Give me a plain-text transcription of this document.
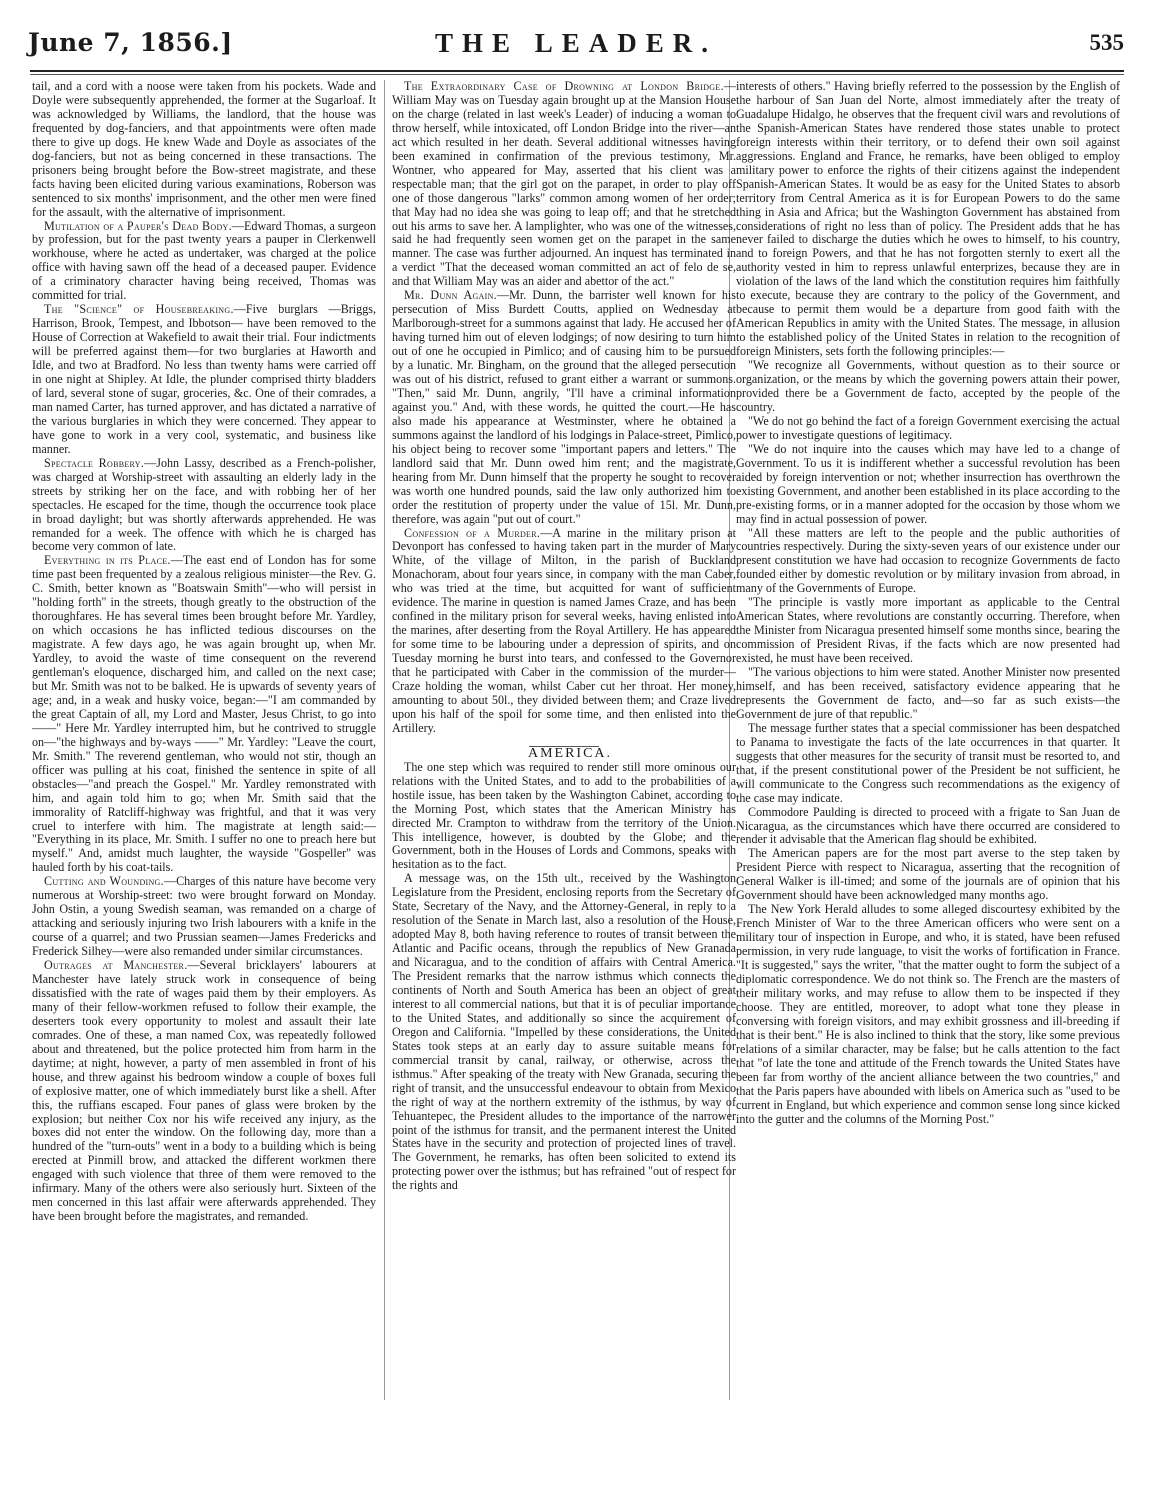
June 7, 1856.]	THE LEADER.	535

tail, and a cord with a noose were taken from his pockets. Wade and Doyle were subsequently apprehended, the former at the Sugarloaf. It was acknowledged by Williams, the landlord, that the house was frequented by dog-fanciers, and that appointments were often made there to give up dogs. He knew Wade and Doyle as associates of the dog-fanciers, but not as being concerned in these transactions. The prisoners being brought before the Bow-street magistrate, and these facts having been elicited during various examinations, Roberson was sentenced to six months' imprisonment, and the other men were fined for the assault, with the alternative of imprisonment.

Mutilation of a Pauper's Dead Body.—Edward Thomas, a surgeon by profession, but for the past twenty years a pauper in Clerkenwell workhouse, where he acted as undertaker, was charged at the police office with having sawn off the head of a deceased pauper. Evidence of a criminatory character having being received, Thomas was committed for trial.

The "Science" of Housebreaking.—Five burglars —Briggs, Harrison, Brook, Tempest, and Ibbotson— have been removed to the House of Correction at Wakefield to await their trial. Four indictments will be preferred against them—for two burglaries at Haworth and Idle, and two at Bradford. No less than twenty hams were carried off in one night at Shipley. At Idle, the plunder comprised thirty bladders of lard, several stone of sugar, groceries, &c. One of their comrades, a man named Carter, has turned approver, and has dictated a narrative of the various burglaries in which they were concerned. They appear to have gone to work in a very cool, systematic, and business like manner.

Spectacle Robbery.—John Lassy, described as a French-polisher, was charged at Worship-street with assaulting an elderly lady in the streets by striking her on the face, and with robbing her of her spectacles. He escaped for the time, though the occurrence took place in broad daylight; but was shortly afterwards apprehended. He was remanded for a week. The offence with which he is charged has become very common of late.

Everything in its Place.—The east end of London has for some time past been frequented by a zealous religious minister—the Rev. G. C. Smith, better known as "Boatswain Smith"—who will persist in "holding forth" in the streets, though greatly to the obstruction of the thoroughfares. He has several times been brought before Mr. Yardley, on which occasions he has inflicted tedious discourses on the magistrate. A few days ago, he was again brought up, when Mr. Yardley, to avoid the waste of time consequent on the reverend gentleman's eloquence, discharged him, and called on the next case; but Mr. Smith was not to be balked. He is upwards of seventy years of age; and, in a weak and husky voice, began:—"I am commanded by the great Captain of all, my Lord and Master, Jesus Christ, to go into ——" Here Mr. Yardley interrupted him, but he contrived to struggle on—"the highways and by-ways ——" Mr. Yardley: "Leave the court, Mr. Smith." The reverend gentleman, who would not stir, though an officer was pulling at his coat, finished the sentence in spite of all obstacles—"and preach the Gospel." Mr. Yardley remonstrated with him, and again told him to go; when Mr. Smith said that the immorality of Ratcliff-highway was frightful, and that it was very cruel to interfere with him. The magistrate at length said:— "Everything in its place, Mr. Smith. I suffer no one to preach here but myself." And, amidst much laughter, the wayside "Gospeller" was hauled forth by his coat-tails.

Cutting and Wounding.—Charges of this nature have become very numerous at Worship-street: two were brought forward on Monday. John Ostin, a young Swedish seaman, was remanded on a charge of attacking and seriously injuring two Irish labourers with a knife in the course of a quarrel; and two Prussian seamen—James Fredericks and Frederick Silhey—were also remanded under similar circumstances.

Outrages at Manchester.—Several bricklayers' labourers at Manchester have lately struck work in consequence of being dissatisfied with the rate of wages paid them by their employers. As many of their fellow-workmen refused to follow their example, the deserters took every opportunity to molest and assault their late comrades. One of these, a man named Cox, was repeatedly followed about and threatened, but the police protected him from harm in the daytime; at night, however, a party of men assembled in front of his house, and threw against his bedroom window a couple of boxes full of explosive matter, one of which immediately burst like a shell. After this, the ruffians escaped. Four panes of glass were broken by the explosion; but neither Cox nor his wife received any injury, as the boxes did not enter the window. On the following day, more than a hundred of the "turn-outs" went in a body to a building which is being erected at Pinmill brow, and attacked the different workmen there engaged with such violence that three of them were removed to the infirmary. Many of the others were also seriously hurt. Sixteen of the men concerned in this last affair were afterwards apprehended. They have been brought before the magistrates, and remanded.

The Extraordinary Case of Drowning at London Bridge.—William May was on Tuesday again brought up at the Mansion House on the charge (related in last week's Leader) of inducing a woman to throw herself, while intoxicated, off London Bridge into the river—an act which resulted in her death. Several additional witnesses having been examined in confirmation of the previous testimony, Mr. Wontner, who appeared for May, asserted that his client was a respectable man; that the girl got on the parapet, in order to play off one of those dangerous "larks" common among women of her order; that May had no idea she was going to leap off; and that he stretched out his arms to save her. A lamplighter, who was one of the witnesses, said he had frequently seen women get on the parapet in the same manner. The case was further adjourned. An inquest has terminated in a verdict "That the deceased woman committed an act of felo de se, and that William May was an aider and abettor of the act."

Mr. Dunn Again.—Mr. Dunn, the barrister well known for his persecution of Miss Burdett Coutts, applied on Wednesday at Marlborough-street for a summons against that lady. He accused her of having turned him out of eleven lodgings; of now desiring to turn him out of one he occupied in Pimlico; and of causing him to be pursued by a lunatic. Mr. Bingham, on the ground that the alleged persecution was out of his district, refused to grant either a warrant or summons. "Then," said Mr. Dunn, angrily, "I'll have a criminal information against you." And, with these words, he quitted the court.—He has also made his appearance at Westminster, where he obtained a summons against the landlord of his lodgings in Palace-street, Pimlico, his object being to recover some "important papers and letters." The landlord said that Mr. Dunn owed him rent; and the magistrate, hearing from Mr. Dunn himself that the property he sought to recover was worth one hundred pounds, said the law only authorized him to order the restitution of property under the value of 15l. Mr. Dunn, therefore, was again "put out of court."

Confession of a Murder.—A marine in the military prison at Devonport has confessed to having taken part in the murder of Mary White, of the village of Milton, in the parish of Buckland Monachoram, about four years since, in company with the man Caber, who was tried at the time, but acquitted for want of sufficient evidence. The marine in question is named James Craze, and has been confined in the military prison for several weeks, having enlisted into the marines, after deserting from the Royal Artillery. He has appeared for some time to be labouring under a depression of spirits, and on Tuesday morning he burst into tears, and confessed to the Governor that he participated with Caber in the commission of the murder—Craze holding the woman, whilst Caber cut her throat. Her money, amounting to about 50l., they divided between them; and Craze lived upon his half of the spoil for some time, and then enlisted into the Artillery.

AMERICA.

The one step which was required to render still more ominous our relations with the United States, and to add to the probabilities of a hostile issue, has been taken by the Washington Cabinet, according to the Morning Post, which states that the American Ministry has directed Mr. Crampton to withdraw from the territory of the Union. This intelligence, however, is doubted by the Globe; and the Government, both in the Houses of Lords and Commons, speaks with hesitation as to the fact.

A message was, on the 15th ult., received by the Washington Legislature from the President, enclosing reports from the Secretary of State, Secretary of the Navy, and the Attorney-General, in reply to a resolution of the Senate in March last, also a resolution of the House, adopted May 8, both having reference to routes of transit between the Atlantic and Pacific oceans, through the republics of New Granada and Nicaragua, and to the condition of affairs with Central America. The President remarks that the narrow isthmus which connects the continents of North and South America has been an object of great interest to all commercial nations, but that it is of peculiar importance to the United States, and additionally so since the acquirement of Oregon and California. "Impelled by these considerations, the United States took steps at an early day to assure suitable means for commercial transit by canal, railway, or otherwise, across the isthmus." After speaking of the treaty with New Granada, securing the right of transit, and the unsuccessful endeavour to obtain from Mexico the right of way at the northern extremity of the isthmus, by way of Tehuantepec, the President alludes to the importance of the narrower point of the isthmus for transit, and the permanent interest the United States have in the security and protection of projected lines of travel. The Government, he remarks, has often been solicited to extend its protecting power over the isthmus; but has refrained "out of respect for the rights and

interests of others." Having briefly referred to the possession by the English of the harbour of San Juan del Norte, almost immediately after the treaty of Guadalupe Hidalgo, he observes that the frequent civil wars and revolutions of the Spanish-American States have rendered those states unable to protect foreign interests within their territory, or to defend their own soil against aggressions. England and France, he remarks, have been obliged to employ military power to enforce the rights of their citizens against the independent Spanish-American States. It would be as easy for the United States to absorb territory from Central America as it is for European Powers to do the same thing in Asia and Africa; but the Washington Government has abstained from considerations of right no less than of policy. The President adds that he has never failed to discharge the duties which he owes to himself, to his country, and to foreign Powers, and that he has not forgotten sternly to exert all the authority vested in him to repress unlawful enterprizes, because they are in violation of the laws of the land which the constitution requires him faithfully to execute, because they are contrary to the policy of the Government, and because to permit them would be a departure from good faith with the American Republics in amity with the United States. The message, in allusion to the established policy of the United States in relation to the recognition of foreign Ministers, sets forth the following principles:—

"We recognize all Governments, without question as to their source or organization, or the means by which the governing powers attain their power, provided there be a Government de facto, accepted by the people of the country.

"We do not go behind the fact of a foreign Government exercising the actual power to investigate questions of legitimacy.

"We do not inquire into the causes which may have led to a change of Government. To us it is indifferent whether a successful revolution has been aided by foreign intervention or not; whether insurrection has overthrown the existing Government, and another been established in its place according to the pre-existing forms, or in a manner adopted for the occasion by those whom we may find in actual possession of power.

"All these matters are left to the people and the public authorities of countries respectively. During the sixty-seven years of our existence under our present constitution we have had occasion to recognize Governments de facto founded either by domestic revolution or by military invasion from abroad, in many of the Governments of Europe.

"The principle is vastly more important as applicable to the Central American States, where revolutions are constantly occurring. Therefore, when the Minister from Nicaragua presented himself some months since, bearing the commission of President Rivas, if the facts which are now presented had existed, he must have been received.

"The various objections to him were stated. Another Minister now presented himself, and has been received, satisfactory evidence appearing that he represents the Government de facto, and—so far as such exists—the Government de jure of that republic."

The message further states that a special commissioner has been despatched to Panama to investigate the facts of the late occurrences in that quarter. It suggests that other measures for the security of transit must be resorted to, and that, if the present constitutional power of the President be not sufficient, he will communicate to the Congress such recommendations as the exigency of the case may indicate.

Commodore Paulding is directed to proceed with a frigate to San Juan de Nicaragua, as the circumstances which have there occurred are considered to render it advisable that the American flag should be exhibited.

The American papers are for the most part averse to the step taken by President Pierce with respect to Nicaragua, asserting that the recognition of General Walker is ill-timed; and some of the journals are of opinion that his Government should have been acknowledged many months ago.

The New York Herald alludes to some alleged discourtesy exhibited by the French Minister of War to the three American officers who were sent on a military tour of inspection in Europe, and who, it is stated, have been refused permission, in very rude language, to visit the works of fortification in France. "It is suggested," says the writer, "that the matter ought to form the subject of a diplomatic correspondence. We do not think so. The French are the masters of their military works, and may refuse to allow them to be inspected if they choose. They are entitled, moreover, to adopt what tone they please in conversing with foreign visitors, and may exhibit grossness and ill-breeding if that is their bent." He is also inclined to think that the story, like some previous relations of a similar character, may be false; but he calls attention to the fact that "of late the tone and attitude of the French towards the United States have been far from worthy of the ancient alliance between the two countries," and that the Paris papers have abounded with libels on America such as "used to be current in England, but which experience and common sense long since kicked into the gutter and the columns of the Morning Post."
